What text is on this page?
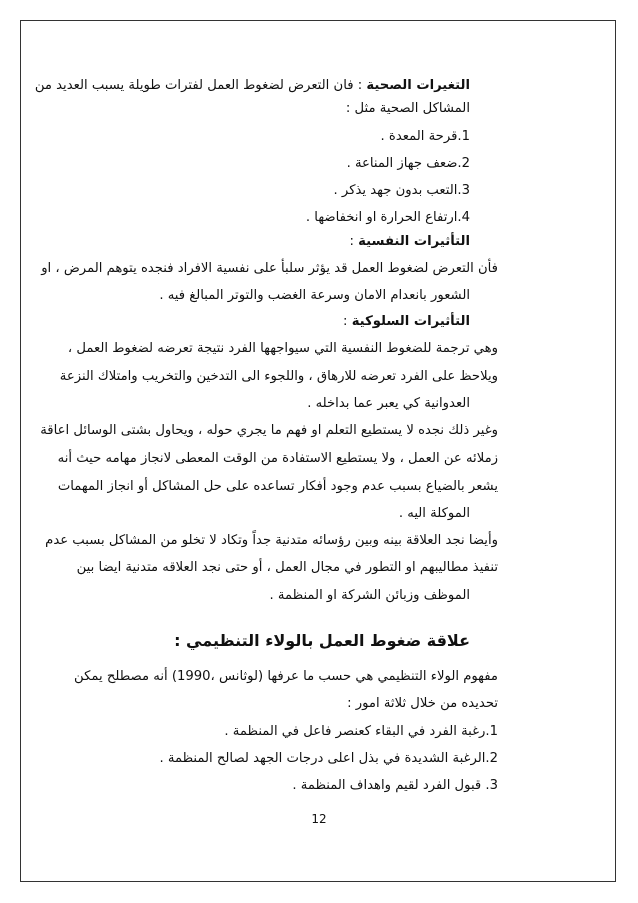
التغيرات الصحية : فان التعرض لضغوط العمل لفترات طويلة يسبب العديد من
المشاكل الصحية مثل :
1.قرحة المعدة .
2.ضعف جهاز المناعة .
3.التعب بدون جهد يذكر .
4.ارتفاع الحرارة او انخفاضها .
التأثيرات النفسية :
فأن التعرض لضغوط العمل قد يؤثر سلبأ على نفسية الافراد فنجده يتوهم المرض ، او
الشعور بانعدام الامان وسرعة الغضب والتوتر المبالغ فيه .
التأثيرات السلوكية :
وهي ترجمة للضغوط النفسية التي سيواجهها الفرد نتيجة تعرضه لضغوط العمل ،
ويلاحظ على الفرد تعرضه للارهاق ، واللجوء الى التدخين والتخريب وامتلاك النزعة
العدوانية كي يعبر عما بداخله .
وغير ذلك نجده لا يستطيع التعلم او فهم ما يجري حوله ، ويحاول بشتى الوسائل اعاقة
زملائه عن العمل ، ولا يستطيع الاستفادة من الوقت المعطى لانجاز مهامه حيث أنه
يشعر بالضياع بسبب عدم وجود أفكار تساعده على حل المشاكل أو انجاز المهمات
الموكلة اليه .
وأيضا نجد العلاقة بينه وبين رؤسائه متدنية جداً وتكاد لا تخلو من المشاكل بسبب عدم
تنفيذ مطاليبهم او التطور في مجال العمل ، أو حتى نجد العلاقه متدنية ايضا بين
الموظف وزبائن الشركة او المنظمة .
علاقة ضغوط العمل بالولاء التنظيمي :
مفهوم الولاء التنظيمي هي حسب ما عرفها (لوثانس ،1990) أنه مصطلح يمكن
تحديده من خلال ثلاثة امور :
1.رغبة الفرد في البقاء كعنصر فاعل في المنظمة .
2.الرغبة الشديدة في بذل اعلى درجات الجهد لصالح المنظمة .
3. قبول الفرد لقيم واهداف المنظمة .
12
